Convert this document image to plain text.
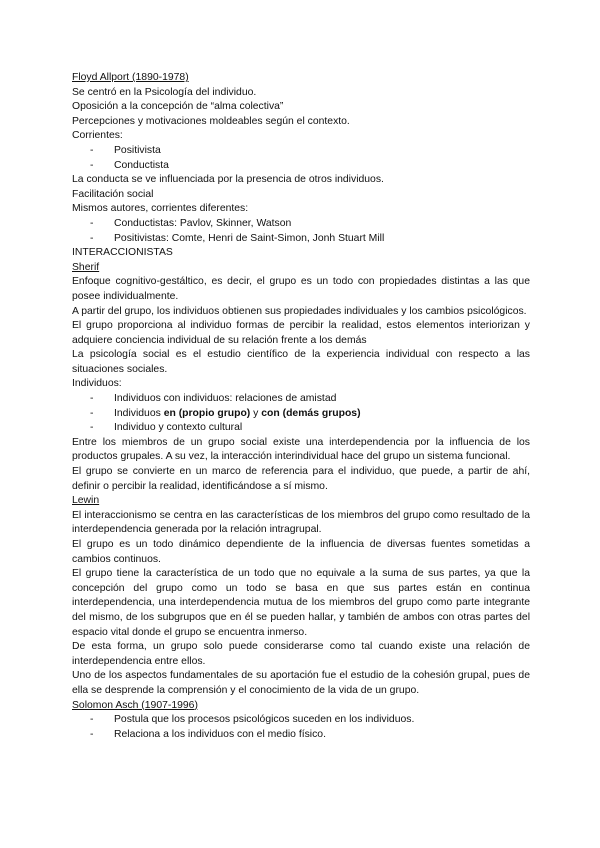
Floyd Allport (1890-1978)
Se centró en la Psicología del individuo.
Oposición a la concepción de “alma colectiva”
Percepciones y motivaciones moldeables según el contexto.
Corrientes:
-	Positivista
-	Conductista
La conducta se ve influenciada por la presencia de otros individuos.
Facilitación social
Mismos autores, corrientes diferentes:
-	Conductistas: Pavlov, Skinner, Watson
-	Positivistas: Comte, Henri de Saint-Simon, Jonh Stuart Mill
INTERACCIONISTAS
Sherif
Enfoque cognitivo-gestáltico, es decir, el grupo es un todo con propiedades distintas a las que posee individualmente.
A partir del grupo, los individuos obtienen sus propiedades individuales y los cambios psicológicos.
El grupo proporciona al individuo formas de percibir la realidad, estos elementos interiorizan y adquiere conciencia individual de su relación frente a los demás
La psicología social es el estudio científico de la experiencia individual con respecto a las situaciones sociales.
Individuos:
-	Individuos con individuos: relaciones de amistad
-	Individuos en (propio grupo) y con (demás grupos)
-	Individuo y contexto cultural
Entre los miembros de un grupo social existe una interdependencia por la influencia de los productos grupales. A su vez, la interacción interindividual hace del grupo un sistema funcional.
El grupo se convierte en un marco de referencia para el individuo, que puede, a partir de ahí, definir o percibir la realidad, identificándose a sí mismo.
Lewin
El interaccionismo se centra en las características de los miembros del grupo como resultado de la interdependencia generada por la relación intragrupal.
El grupo es un todo dinámico dependiente de la influencia de diversas fuentes sometidas a cambios continuos.
El grupo tiene la característica de un todo que no equivale a la suma de sus partes, ya que la concepción del grupo como un todo se basa en que sus partes están en continua interdependencia, una interdependencia mutua de los miembros del grupo como parte integrante del mismo, de los subgrupos que en él se pueden hallar, y también de ambos con otras partes del espacio vital donde el grupo se encuentra inmerso.
De esta forma, un grupo solo puede considerarse como tal cuando existe una relación de interdependencia entre ellos.
Uno de los aspectos fundamentales de su aportación fue el estudio de la cohesión grupal, pues de ella se desprende la comprensión y el conocimiento de la vida de un grupo.
Solomon Asch (1907-1996)
-	Postula que los procesos psicológicos suceden en los individuos.
-	Relaciona a los individuos con el medio físico.
